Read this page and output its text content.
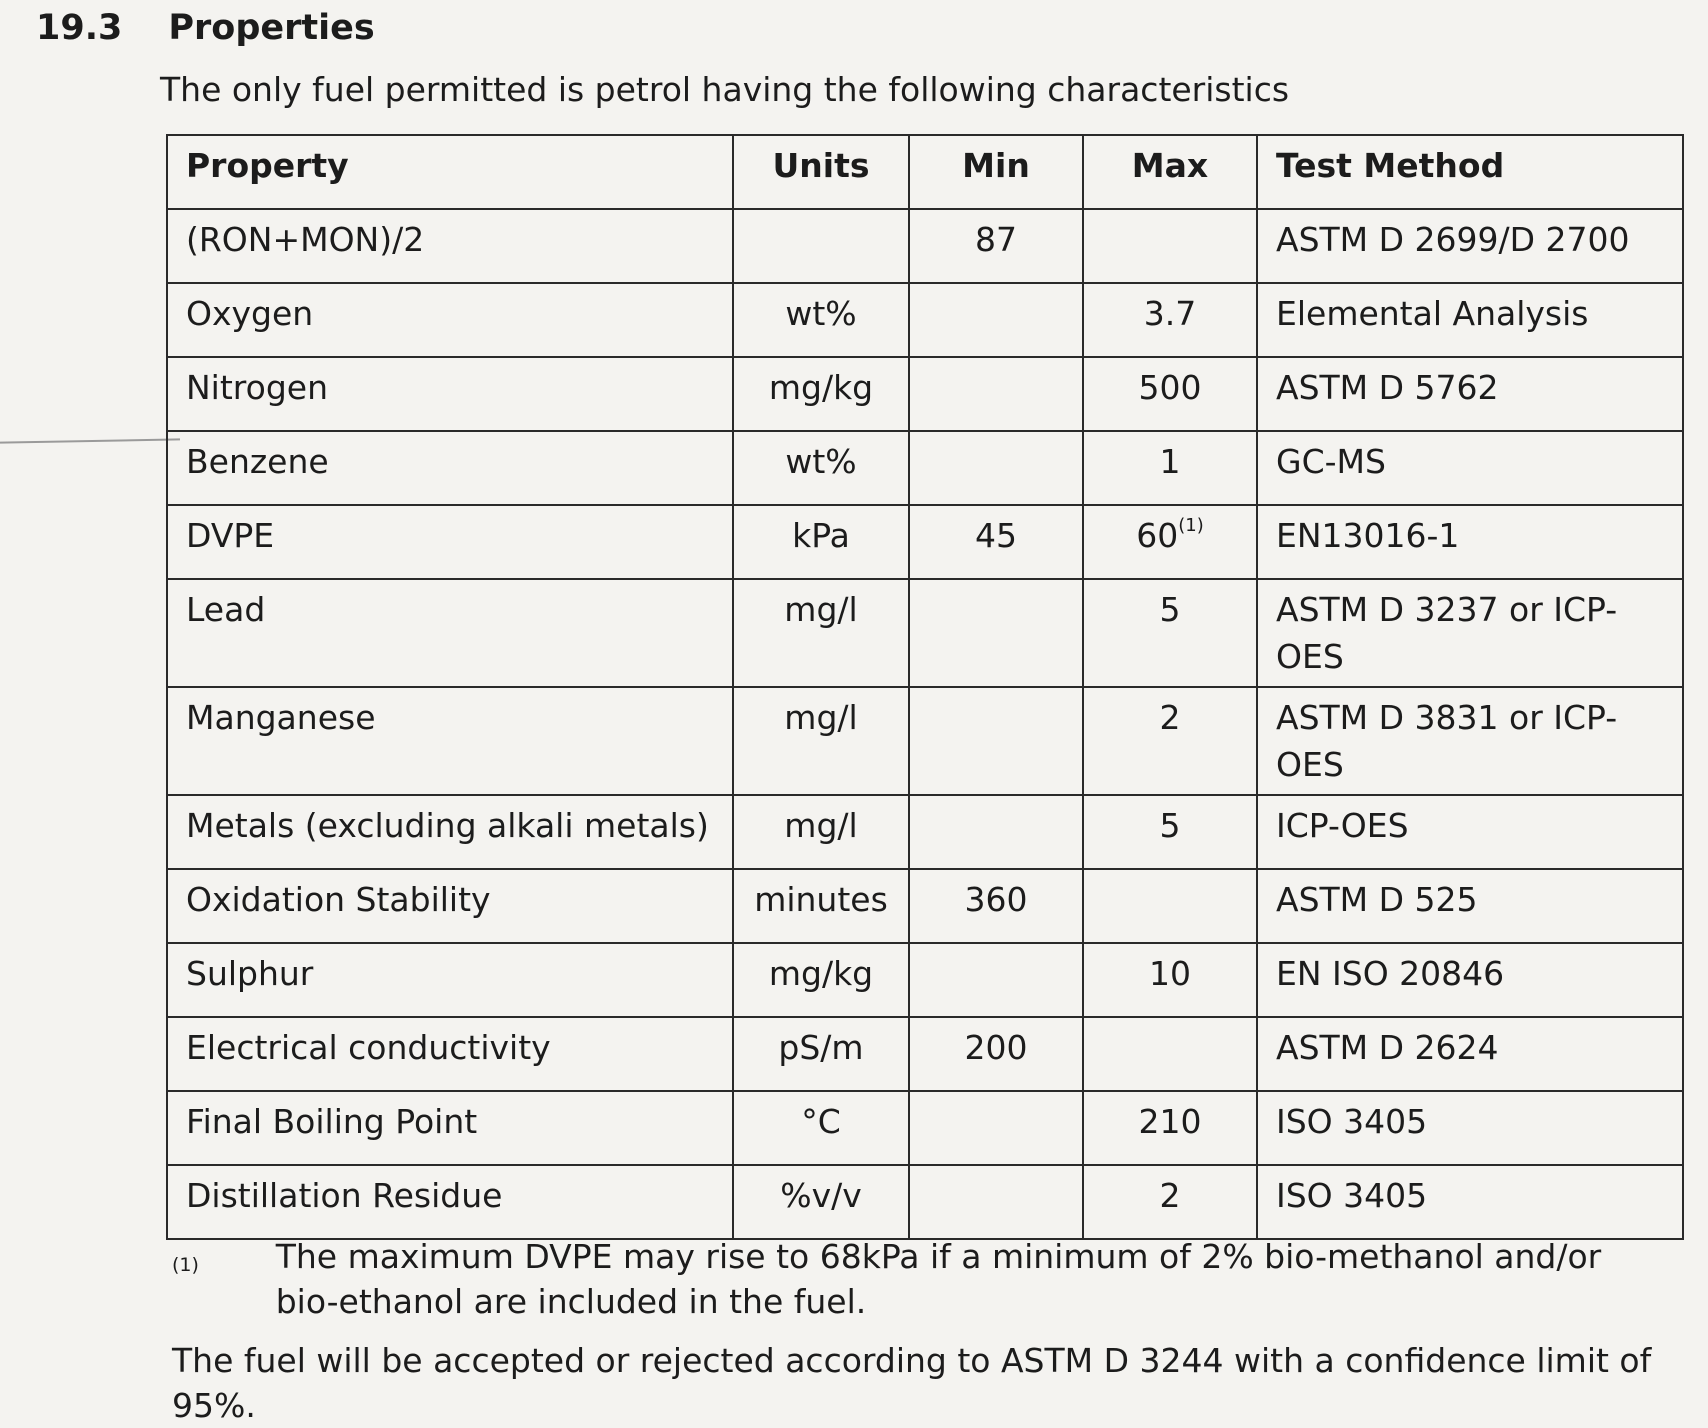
19.3 Properties
The only fuel permitted is petrol having the following characteristics
Property	Units	Min	Max	Test Method
(RON+MON)/2		87		ASTM D 2699/D 2700
Oxygen	wt%		3.7	Elemental Analysis
Nitrogen	mg/kg		500	ASTM D 5762
Benzene	wt%		1	GC-MS
DVPE	kPa	45	60$^{(1)}$	EN13016-1
Lead	mg/l		5	ASTM D 3237 or ICP-OES
Manganese	mg/l		2	ASTM D 3831 or ICP-OES
Metals (excluding alkali metals)	mg/l		5	ICP-OES
Oxidation Stability	minutes	360		ASTM D 525
Sulphur	mg/kg		10	EN ISO 20846
Electrical conductivity	pS/m	200		ASTM D 2624
Final Boiling Point	°C		210	ISO 3405
Distillation Residue	%v/v		2	ISO 3405
(1)	The maximum DVPE may rise to 68kPa if a minimum of 2% bio-methanol and/or bio-ethanol are included in the fuel.
The fuel will be accepted or rejected according to ASTM D 3244 with a confidence limit of 95%.
